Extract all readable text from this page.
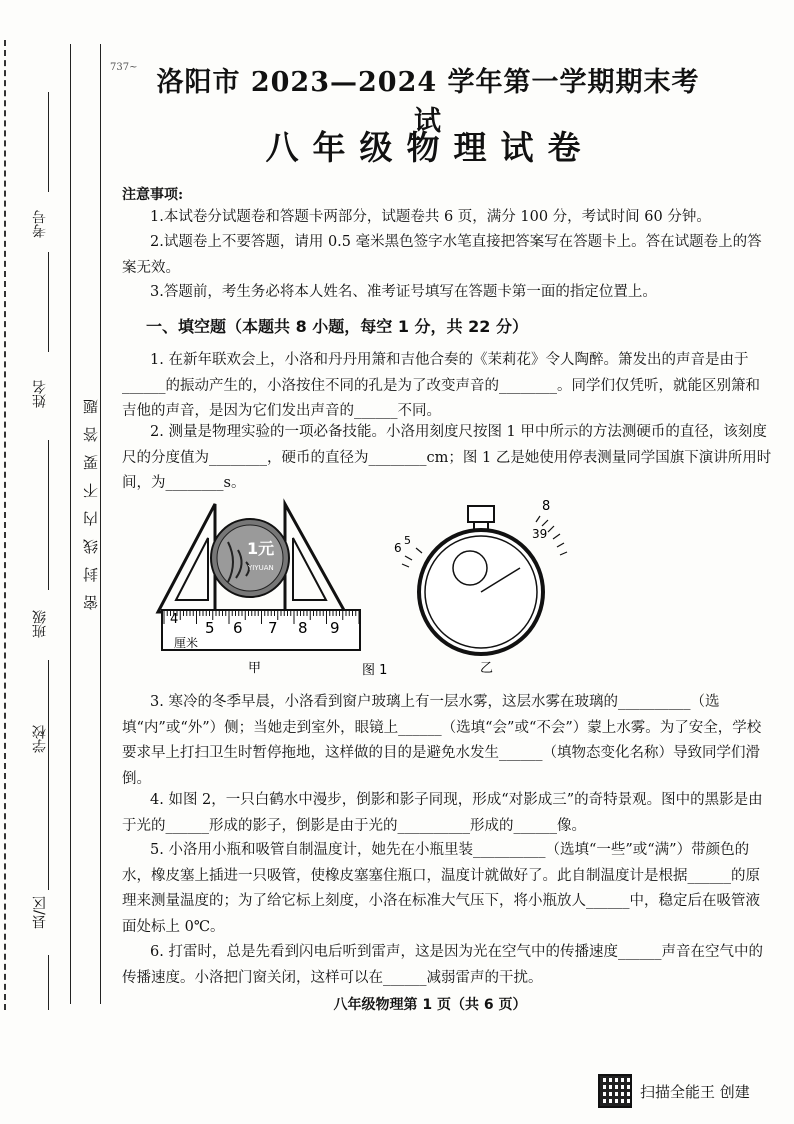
737~
考号
姓名
班级
学校
县/区
密封线内不要答题
洛阳市 2023—2024 学年第一学期期末考试
八年级物理试卷
注意事项:
1.本试卷分试题卷和答题卡两部分，试题卷共 6 页，满分 100 分，考试时间 60 分钟。
2.试题卷上不要答题，请用 0.5 毫米黑色签字水笔直接把答案写在答题卡上。答在试题卷上的答案无效。
3.答题前，考生务必将本人姓名、准考证号填写在答题卡第一面的指定位置上。
一、填空题（本题共 8 小题，每空 1 分，共 22 分）
1. 在新年联欢会上，小洛和丹丹用箫和吉他合奏的《茉莉花》令人陶醉。箫发出的声音是由于______的振动产生的，小洛按住不同的孔是为了改变声音的________。同学们仅凭听，就能区别箫和吉他的声音，是因为它们发出声音的______不同。
2. 测量是物理实验的一项必备技能。小洛用刻度尺按图 1 甲中所示的方法测硬币的直径，该刻度尺的分度值为________，硬币的直径为________cm；图 1 乙是她使用停表测量同学国旗下演讲所用时间，为________s。
1元
YIYUAN
4 5 6 7 8 9
厘米
甲	图 1
8
39
6
5
乙
3. 寒冷的冬季早晨，小洛看到窗户玻璃上有一层水雾，这层水雾在玻璃的__________（选填“内”或“外”）侧；当她走到室外，眼镜上______（选填“会”或“不会”）蒙上水雾。为了安全，学校要求早上打扫卫生时暂停拖地，这样做的目的是避免水发生______（填物态变化名称）导致同学们滑倒。
4. 如图 2，一只白鹤水中漫步，倒影和影子同现，形成“对影成三”的奇特景观。图中的黑影是由于光的______形成的影子，倒影是由于光的__________形成的______像。
5. 小洛用小瓶和吸管自制温度计，她先在小瓶里装__________（选填“一些”或“满”）带颜色的水，橡皮塞上插进一只吸管，使橡皮塞塞住瓶口，温度计就做好了。此自制温度计是根据______的原理来测量温度的；为了给它标上刻度，小洛在标准大气压下，将小瓶放人______中，稳定后在吸管液面处标上 0℃。
6. 打雷时，总是先看到闪电后听到雷声，这是因为光在空气中的传播速度______声音在空气中的传播速度。小洛把门窗关闭，这样可以在______减弱雷声的干扰。
八年级物理第 1 页（共 6 页）
扫描全能王 创建
